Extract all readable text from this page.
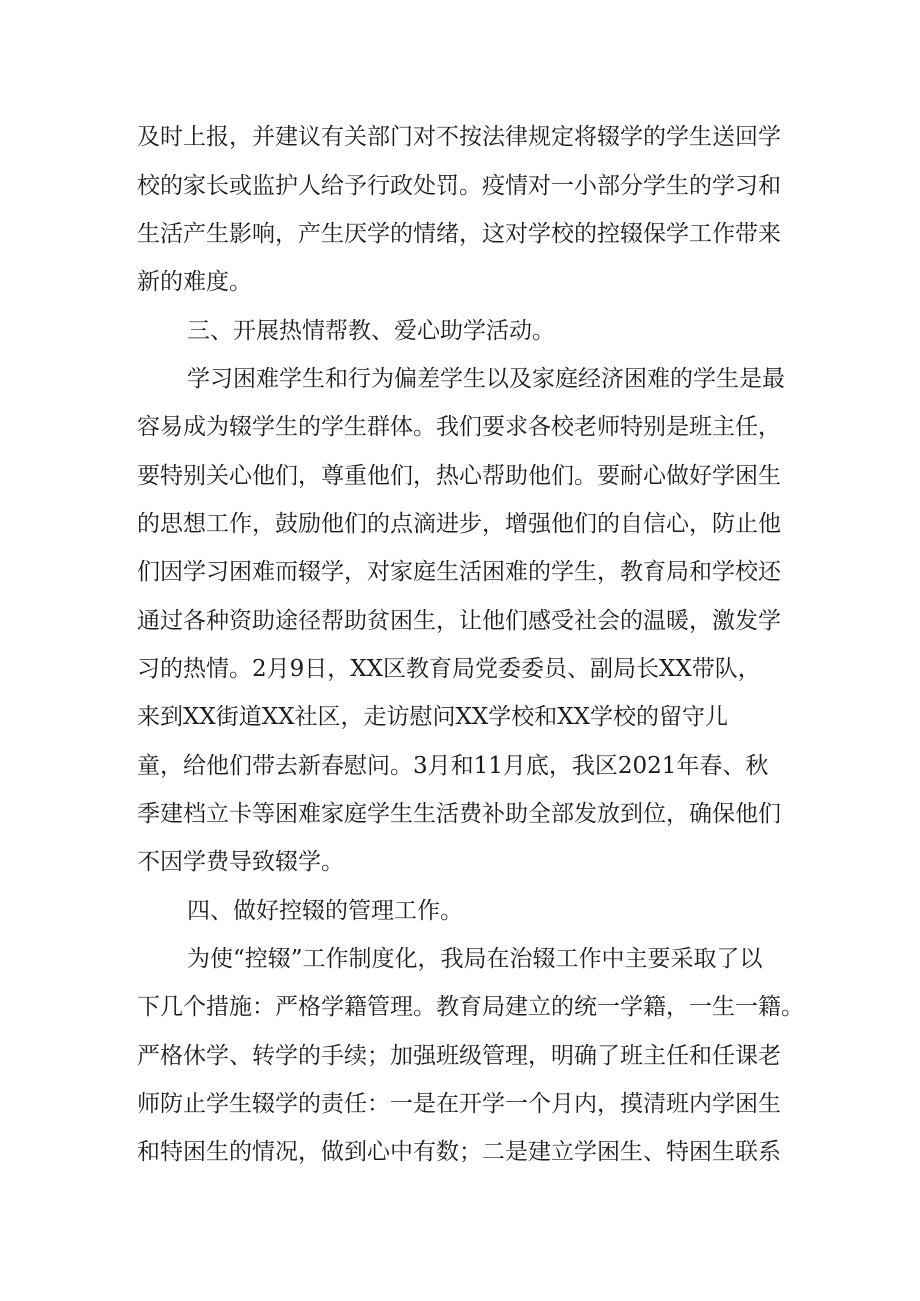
及时上报，并建议有关部门对不按法律规定将辍学的学生送回学

校的家长或监护人给予行政处罚。疫情对一小部分学生的学习和

生活产生影响，产生厌学的情绪，这对学校的控辍保学工作带来

新的难度。

三、开展热情帮教、爱心助学活动。

学习困难学生和行为偏差学生以及家庭经济困难的学生是最

容易成为辍学生的学生群体。我们要求各校老师特别是班主任，

要特别关心他们，尊重他们，热心帮助他们。要耐心做好学困生

的思想工作，鼓励他们的点滴进步，增强他们的自信心，防止他

们因学习困难而辍学，对家庭生活困难的学生，教育局和学校还

通过各种资助途径帮助贫困生，让他们感受社会的温暖，激发学

习的热情。2月9日，XX区教育局党委委员、副局长XX带队，

来到XX街道XX社区，走访慰问XX学校和XX学校的留守儿

童，给他们带去新春慰问。3月和11月底，我区2021年春、秋

季建档立卡等困难家庭学生生活费补助全部发放到位，确保他们

不因学费导致辍学。

四、做好控辍的管理工作。

为使“控辍”工作制度化，我局在治辍工作中主要采取了以

下几个措施：严格学籍管理。教育局建立的统一学籍，一生一籍。

严格休学、转学的手续；加强班级管理，明确了班主任和任课老

师防止学生辍学的责任：一是在开学一个月内，摸清班内学困生

和特困生的情况，做到心中有数；二是建立学困生、特困生联系
